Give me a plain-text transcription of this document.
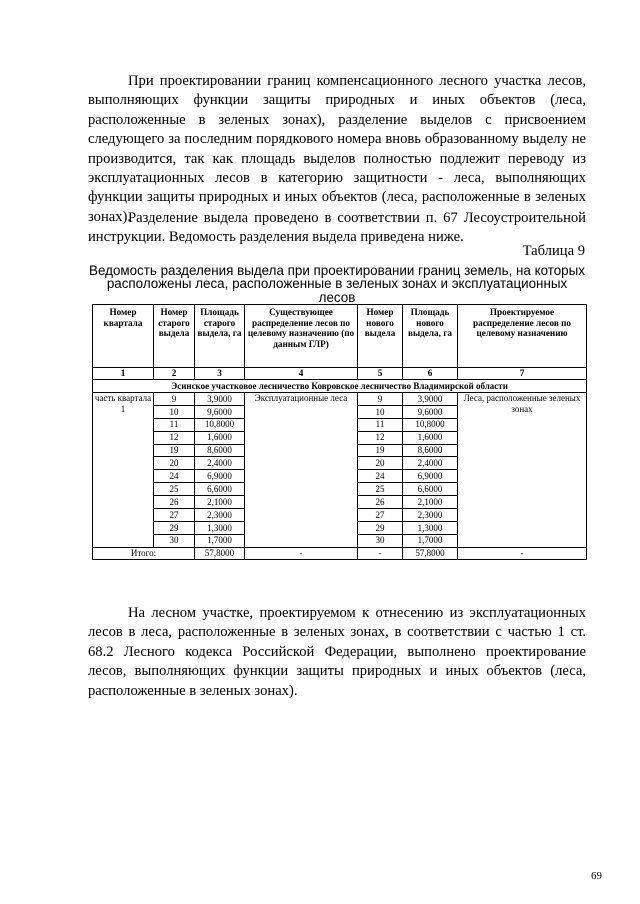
При проектировании границ компенсационного лесного участка лесов, выполняющих функции защиты природных и иных объектов (леса, расположенные в зеленых зонах), разделение выделов с присвоением следующего за последним порядкового номера вновь образованному выделу не производится, так как площадь выделов полностью подлежит переводу из эксплуатационных лесов в категорию защитности - леса, выполняющих функции защиты природных и иных объектов (леса, расположенные в зеленых зонах).

Разделение выдела проведено в соответствии п. 67 Лесоустроительной инструкции. Ведомость разделения выдела приведена ниже.

Таблица 9

Ведомость разделения выдела при проектировании границ земель, на которых расположены леса, расположенные в зеленых зонах и эксплуатационных лесов

Номер квартала	Номер старого выдела	Площадь старого выдела, га	Существующее распределение лесов по целевому назначению (по данным ГЛР)	Номер нового выдела	Площадь нового выдела, га	Проектируемое распределение лесов по целевому назначению
1	2	3	4	5	6	7
Эсинское участковое лесничество Ковровское лесничество Владимирской области						
часть квартала 1	9	3,9000	Эксплуатационные леса	9	3,9000	Леса, расположенные зеленых зонах
	10	9,6000		10	9,6000	
	11	10,8000		11	10,8000	
	12	1,6000		12	1,6000	
	19	8,6000		19	8,6000	
	20	2,4000		20	2,4000	
	24	6,9000		24	6,9000	
	25	6,6000		25	6,6000	
	26	2,1000		26	2,1000	
	27	2,3000		27	2,3000	
	29	1,3000		29	1,3000	
	30	1,7000		30	1,7000	
Итого:		57,8000	-	-	57,8000	-

На лесном участке, проектируемом к отнесению из эксплуатационных лесов в леса, расположенные в зеленых зонах, в соответствии с частью 1 ст. 68.2 Лесного кодекса Российской Федерации, выполнено проектирование лесов, выполняющих функции защиты природных и иных объектов (леса, расположенные в зеленых зонах).

69
